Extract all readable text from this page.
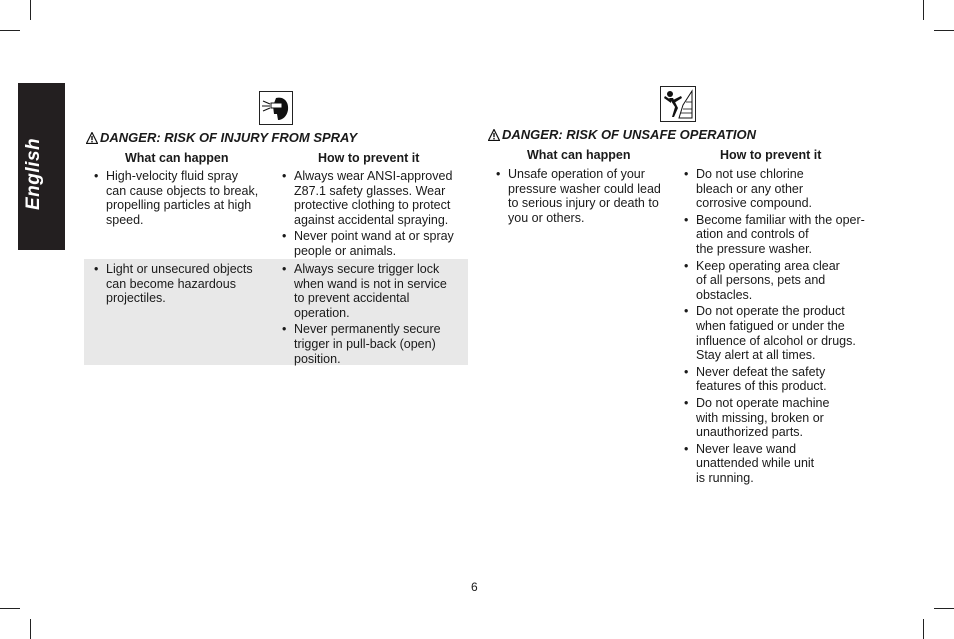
English
DANGER: RISK OF INJURY FROM SPRAY
What can happen	How to prevent it
• High-velocity fluid spray
can cause objects to break,
propelling particles at high
speed.
• Always wear ANSI-approved
Z87.1 safety glasses. Wear
protective clothing to protect
against accidental spraying.
• Never point wand at or spray
people or animals.
• Light or unsecured objects
can become hazardous
projectiles.
• Always secure trigger lock
when wand is not in service
to prevent accidental
operation.
• Never permanently secure
trigger in pull-back (open)
position.
DANGER: RISK OF UNSAFE OPERATION
What can happen	How to prevent it
• Unsafe operation of your
pressure washer could lead
to serious injury or death to
you or others.
• Do not use chlorine
bleach or any other
corrosive compound.
• Become familiar with the oper-
ation and controls of
the pressure washer.
• Keep operating area clear
of all persons, pets and
obstacles.
• Do not operate the product
when fatigued or under the
influence of alcohol or drugs.
Stay alert at all times.
• Never defeat the safety
features of this product.
• Do not operate machine
with missing, broken or
unauthorized parts.
• Never leave wand
unattended while unit
is running.
6
